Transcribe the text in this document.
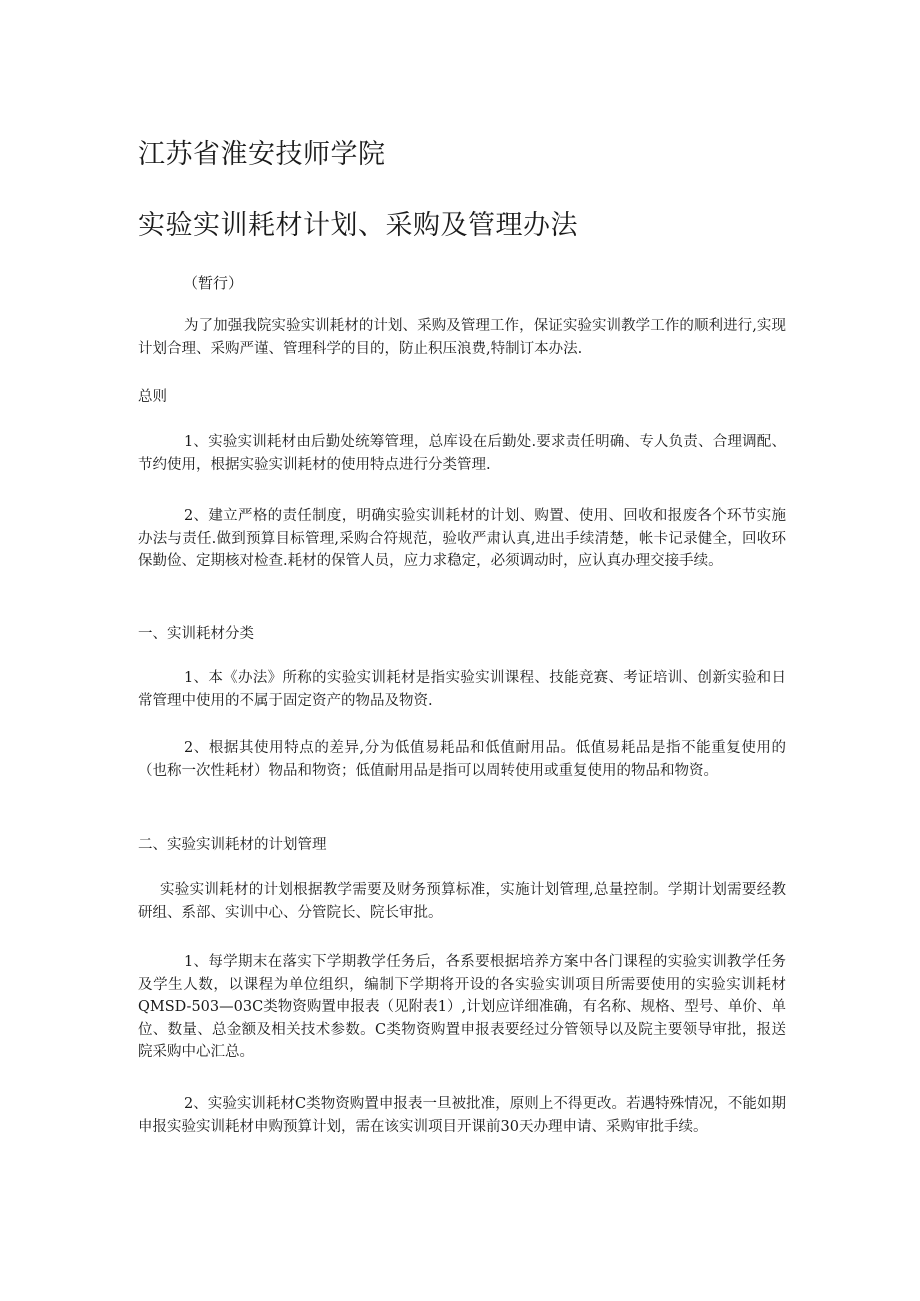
江苏省淮安技师学院
实验实训耗材计划、采购及管理办法
（暂行）

为了加强我院实验实训耗材的计划、采购及管理工作，保证实验实训教学工作的顺利进行,实现计划合理、采购严谨、管理科学的目的，防止积压浪费,特制订本办法.

总则

1、实验实训耗材由后勤处统筹管理，总库设在后勤处.要求责任明确、专人负责、合理调配、节约使用，根据实验实训耗材的使用特点进行分类管理.

2、建立严格的责任制度，明确实验实训耗材的计划、购置、使用、回收和报废各个环节实施办法与责任.做到预算目标管理,采购合符规范，验收严肃认真,进出手续清楚，帐卡记录健全，回收环保勤俭、定期核对检查.耗材的保管人员，应力求稳定，必须调动时，应认真办理交接手续。

一、实训耗材分类

1、本《办法》所称的实验实训耗材是指实验实训课程、技能竞赛、考证培训、创新实验和日常管理中使用的不属于固定资产的物品及物资.

2、根据其使用特点的差异,分为低值易耗品和低值耐用品。低值易耗品是指不能重复使用的（也称一次性耗材）物品和物资；低值耐用品是指可以周转使用或重复使用的物品和物资。

二、实验实训耗材的计划管理

实验实训耗材的计划根据教学需要及财务预算标准，实施计划管理,总量控制。学期计划需要经教研组、系部、实训中心、分管院长、院长审批。

1、每学期末在落实下学期教学任务后，各系要根据培养方案中各门课程的实验实训教学任务及学生人数，以课程为单位组织，编制下学期将开设的各实验实训项目所需要使用的实验实训耗材QMSD-503—03C类物资购置申报表（见附表1）,计划应详细准确，有名称、规格、型号、单价、单位、数量、总金额及相关技术参数。C类物资购置申报表要经过分管领导以及院主要领导审批，报送院采购中心汇总。

2、实验实训耗材C类物资购置申报表一旦被批准，原则上不得更改。若遇特殊情况，不能如期申报实验实训耗材申购预算计划，需在该实训项目开课前30天办理申请、采购审批手续。
